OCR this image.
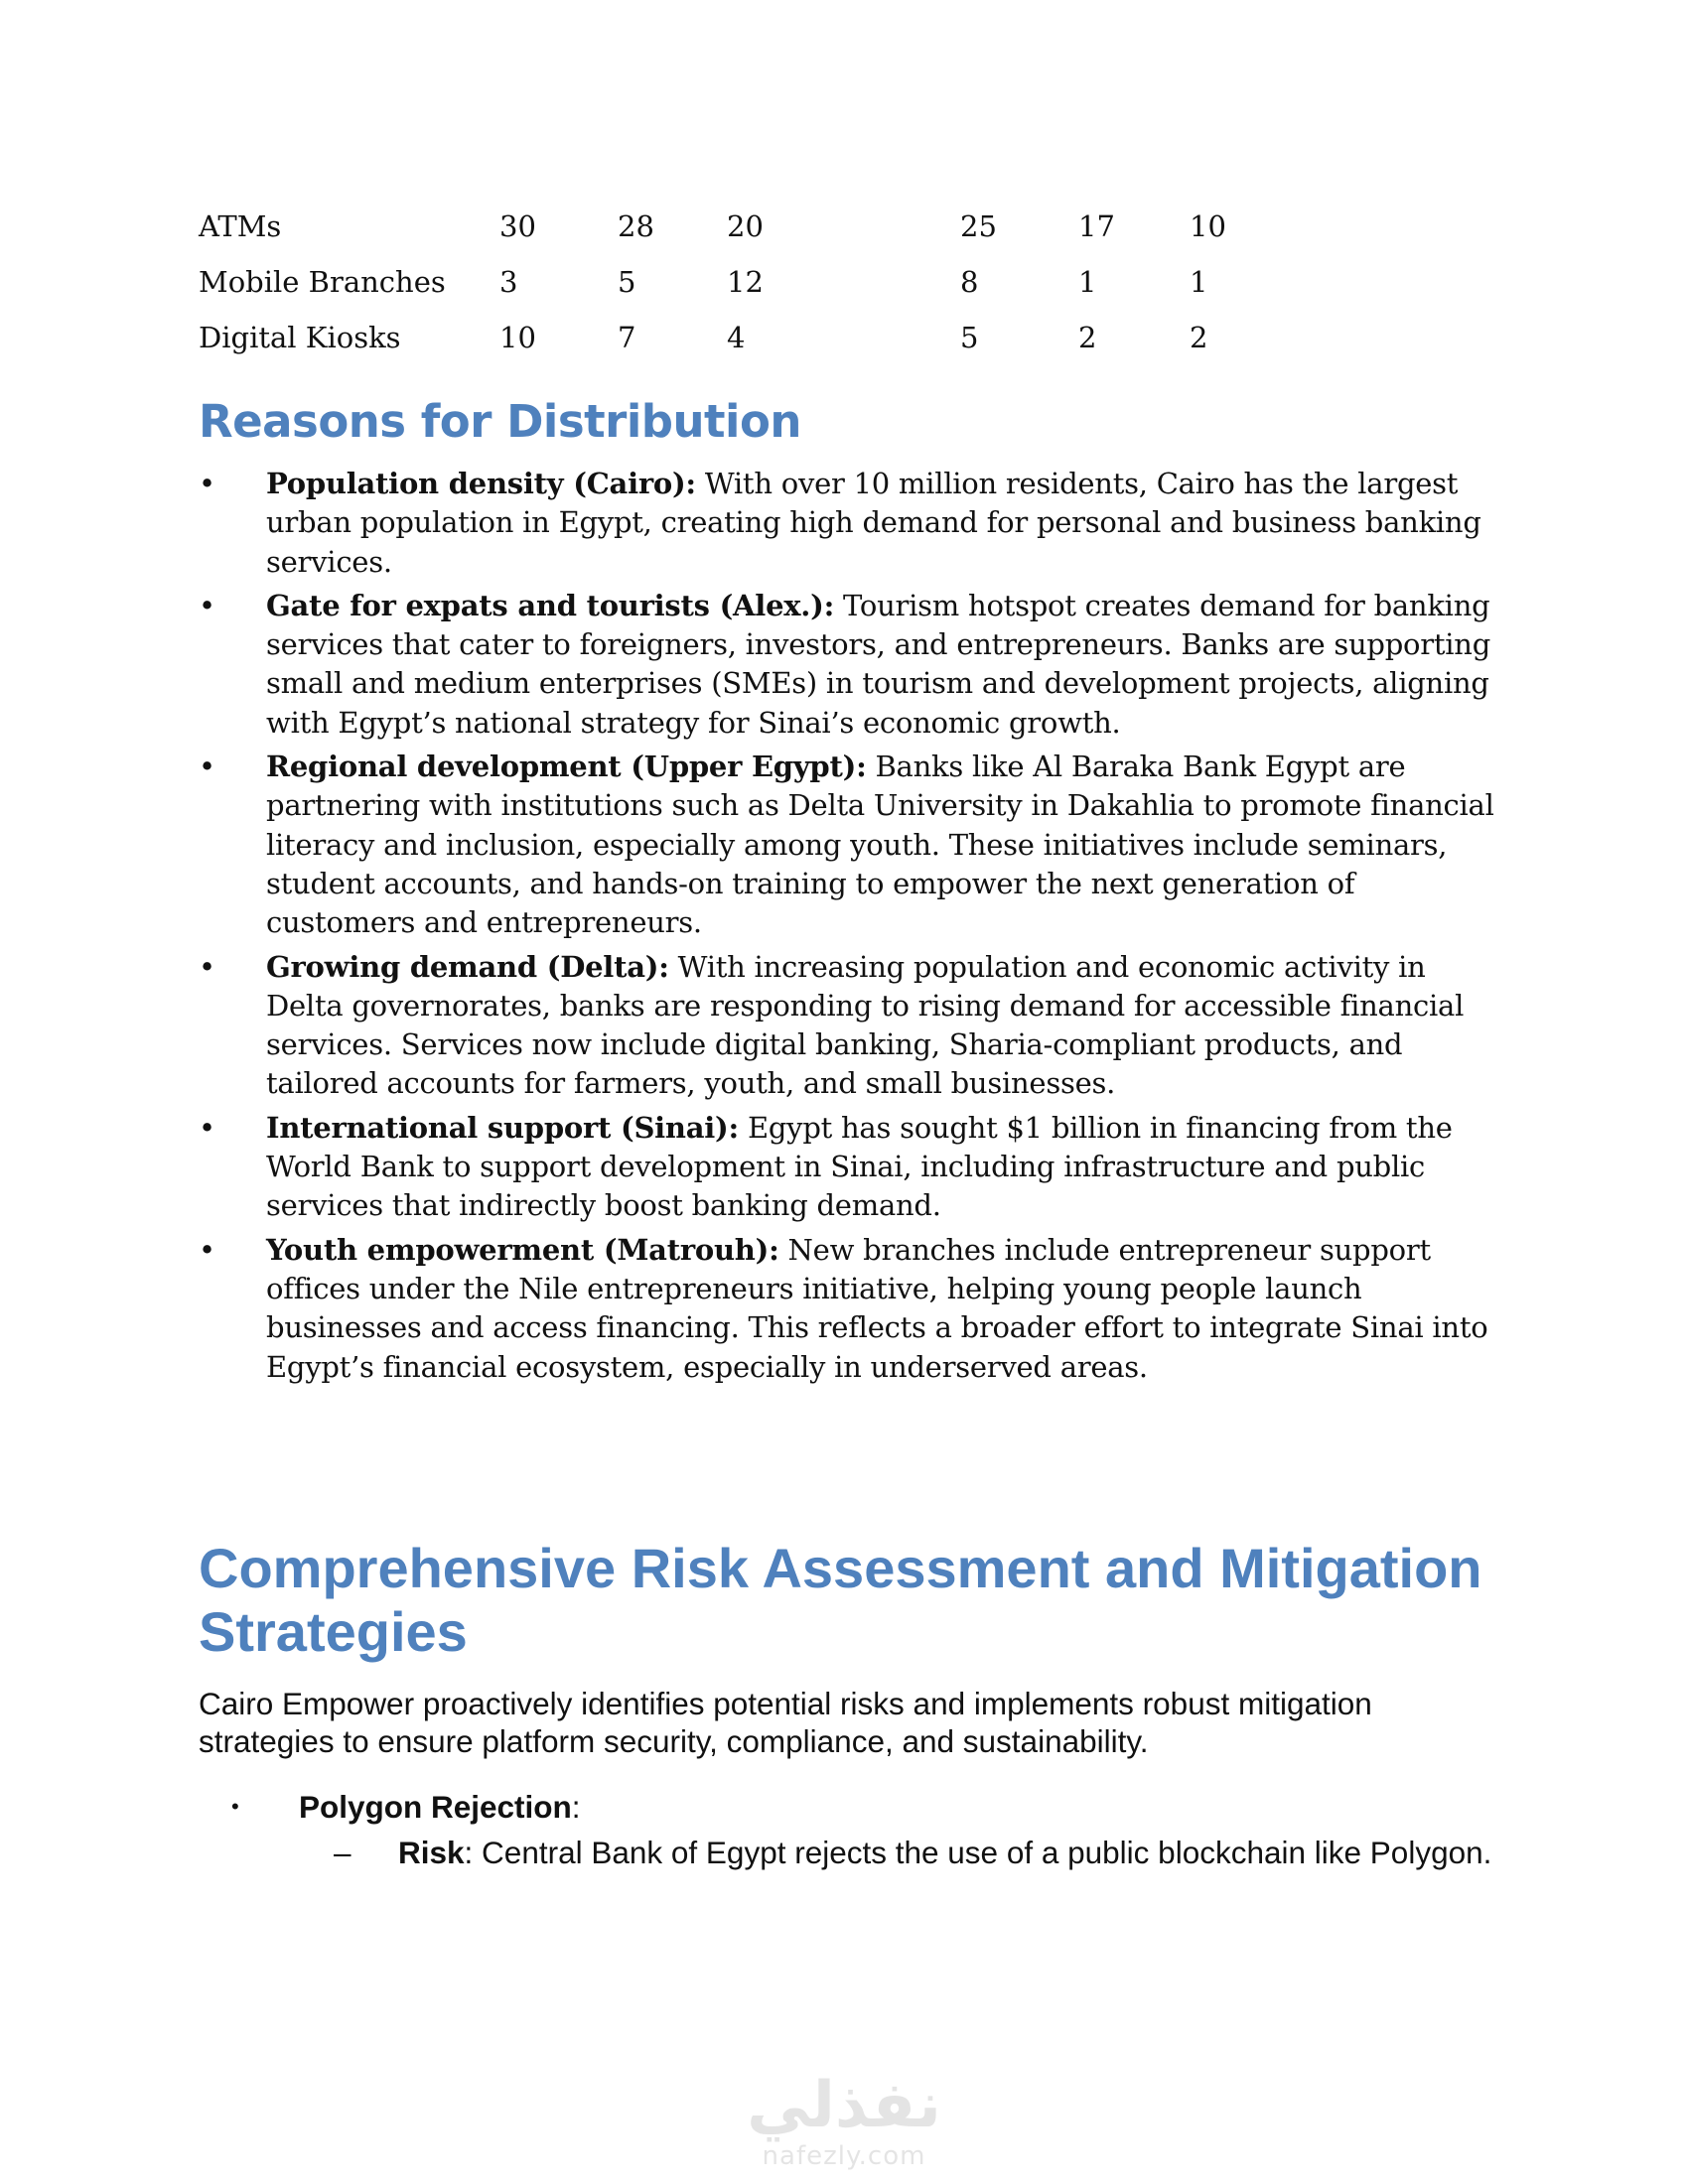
ATMs	30	28	20	25	17	10
Mobile Branches	3	5	12	8	1	1
Digital Kiosks	10	7	4	5	2	2
Reasons for Distribution
• Population density (Cairo): With over 10 million residents, Cairo has the largest urban population in Egypt, creating high demand for personal and business banking services.
• Gate for expats and tourists (Alex.): Tourism hotspot creates demand for banking services that cater to foreigners, investors, and entrepreneurs. Banks are supporting small and medium enterprises (SMEs) in tourism and development projects, aligning with Egypt’s national strategy for Sinai’s economic growth.
• Regional development (Upper Egypt): Banks like Al Baraka Bank Egypt are partnering with institutions such as Delta University in Dakahlia to promote financial literacy and inclusion, especially among youth. These initiatives include seminars, student accounts, and hands-on training to empower the next generation of customers and entrepreneurs.
• Growing demand (Delta): With increasing population and economic activity in Delta governorates, banks are responding to rising demand for accessible financial services. Services now include digital banking, Sharia-compliant products, and tailored accounts for farmers, youth, and small businesses.
• International support (Sinai): Egypt has sought $1 billion in financing from the World Bank to support development in Sinai, including infrastructure and public services that indirectly boost banking demand.
• Youth empowerment (Matrouh): New branches include entrepreneur support offices under the Nile entrepreneurs initiative, helping young people launch businesses and access financing. This reflects a broader effort to integrate Sinai into Egypt’s financial ecosystem, especially in underserved areas.
Comprehensive Risk Assessment and Mitigation Strategies

Cairo Empower proactively identifies potential risks and implements robust mitigation strategies to ensure platform security, compliance, and sustainability.

• Polygon Rejection:
– Risk: Central Bank of Egypt rejects the use of a public blockchain like Polygon.
نفذلي
nafezly.com
